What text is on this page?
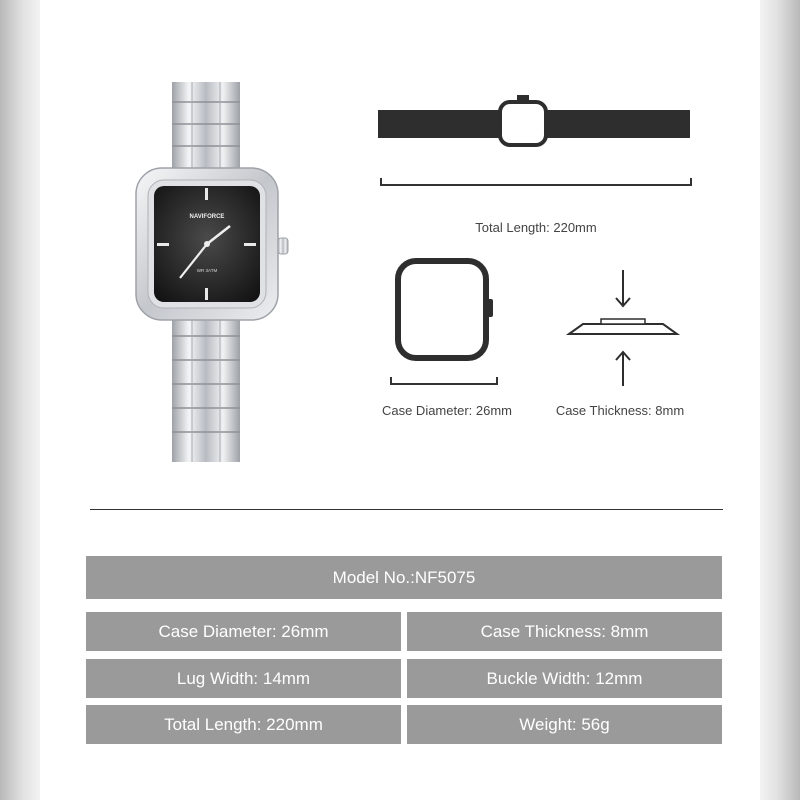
NAVIFORCE
WR 3ATM
Total Length: 220mm
Case Diameter: 26mm	Case Thickness: 8mm
Model No.:NF5075
Case Diameter: 26mm	Case Thickness: 8mm
Lug Width: 14mm	Buckle Width: 12mm
Total Length: 220mm	Weight: 56g
